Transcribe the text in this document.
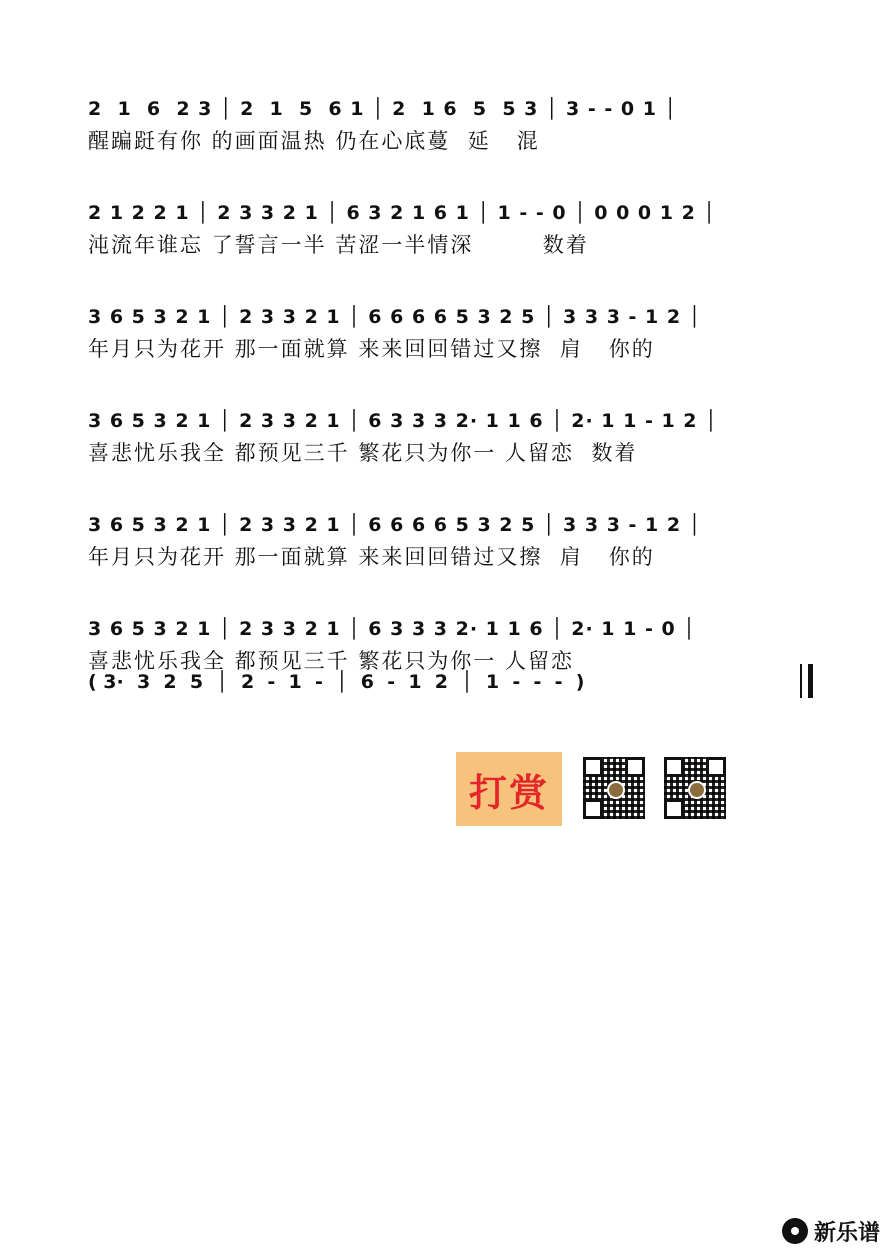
2  1  6  2 3 │ 2  1  5  6 1 │ 2  1 6  5  5 3 │ 3 - - 0 1 │
醒蹁跹有你 的画面温热 仍在心底蔓  延   混
2 1 2 2 1 │ 2 3 3 2 1 │ 6 3 2 1 6 1 │ 1 - - 0 │ 0 0 0 1 2 │
沌流年谁忘 了誓言一半 苦涩一半情深        数着
3 6 5 3 2 1 │ 2 3 3 2 1 │ 6 6 6 6 5 3 2 5 │ 3 3 3 - 1 2 │
年月只为花开 那一面就算 来来回回错过又擦  肩   你的
3 6 5 3 2 1 │ 2 3 3 2 1 │ 6 3 3 3 2· 1 1 6 │ 2· 1 1 - 1 2 │
喜悲忧乐我全 都预见三千 繁花只为你一 人留恋  数着
3 6 5 3 2 1 │ 2 3 3 2 1 │ 6 6 6 6 5 3 2 5 │ 3 3 3 - 1 2 │
年月只为花开 那一面就算 来来回回错过又擦  肩   你的
3 6 5 3 2 1 │ 2 3 3 2 1 │ 6 3 3 3 2· 1 1 6 │ 2· 1 1 - 0 │
喜悲忧乐我全 都预见三千 繁花只为你一 人留恋
( 3·  3  2  5  │  2  -  1  -  │  6  -  1  2  │  1  -  -  -  )
打赏
新乐谱
